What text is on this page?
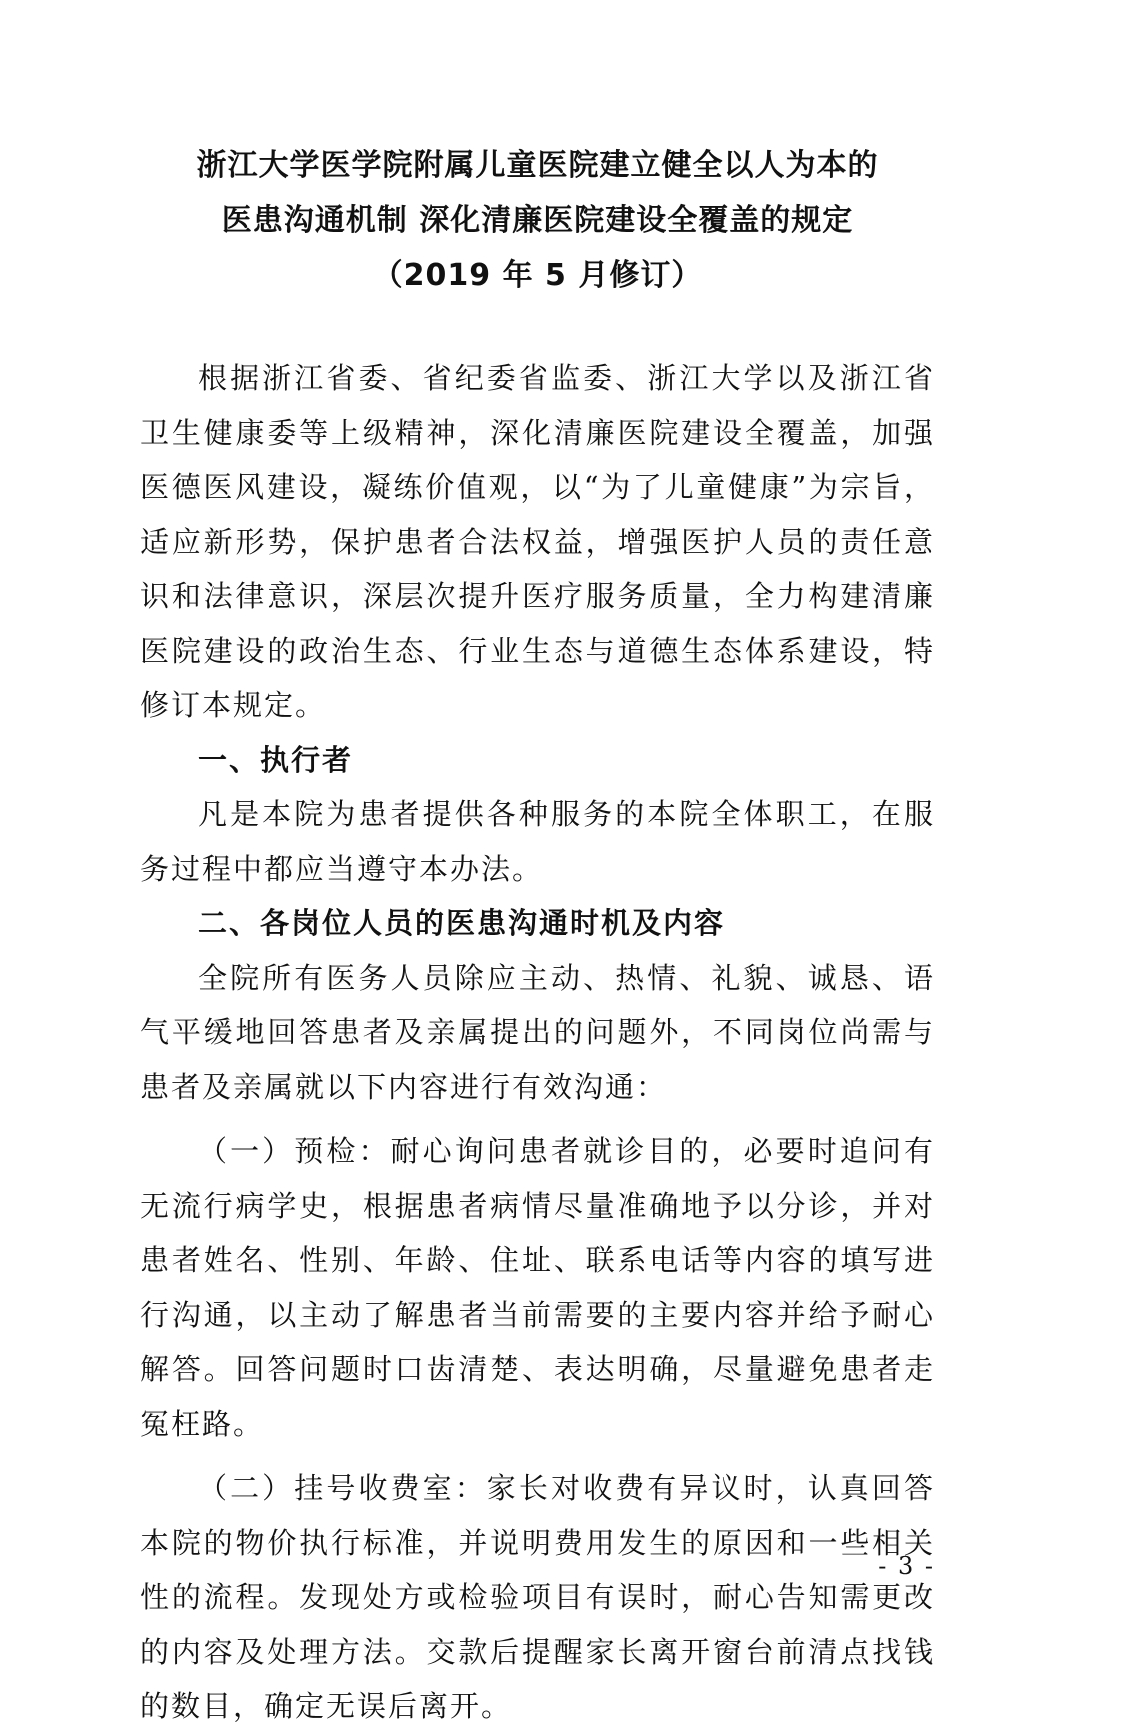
浙江大学医学院附属儿童医院建立健全以人为本的
医患沟通机制 深化清廉医院建设全覆盖的规定
（2019 年 5 月修订）

根据浙江省委、省纪委省监委、浙江大学以及浙江省卫生健康委等上级精神，深化清廉医院建设全覆盖，加强医德医风建设，凝练价值观，以“为了儿童健康”为宗旨，适应新形势，保护患者合法权益，增强医护人员的责任意识和法律意识，深层次提升医疗服务质量，全力构建清廉医院建设的政治生态、行业生态与道德生态体系建设，特修订本规定。

一、执行者

凡是本院为患者提供各种服务的本院全体职工，在服务过程中都应当遵守本办法。

二、各岗位人员的医患沟通时机及内容

全院所有医务人员除应主动、热情、礼貌、诚恳、语气平缓地回答患者及亲属提出的问题外，不同岗位尚需与患者及亲属就以下内容进行有效沟通：

（一）预检：耐心询问患者就诊目的，必要时追问有无流行病学史，根据患者病情尽量准确地予以分诊，并对患者姓名、性别、年龄、住址、联系电话等内容的填写进行沟通，以主动了解患者当前需要的主要内容并给予耐心解答。回答问题时口齿清楚、表达明确，尽量避免患者走冤枉路。

（二）挂号收费室：家长对收费有异议时，认真回答本院的物价执行标准，并说明费用发生的原因和一些相关性的流程。发现处方或检验项目有误时，耐心告知需更改的内容及处理方法。交款后提醒家长离开窗台前清点找钱的数目，确定无误后离开。

- 3 -
